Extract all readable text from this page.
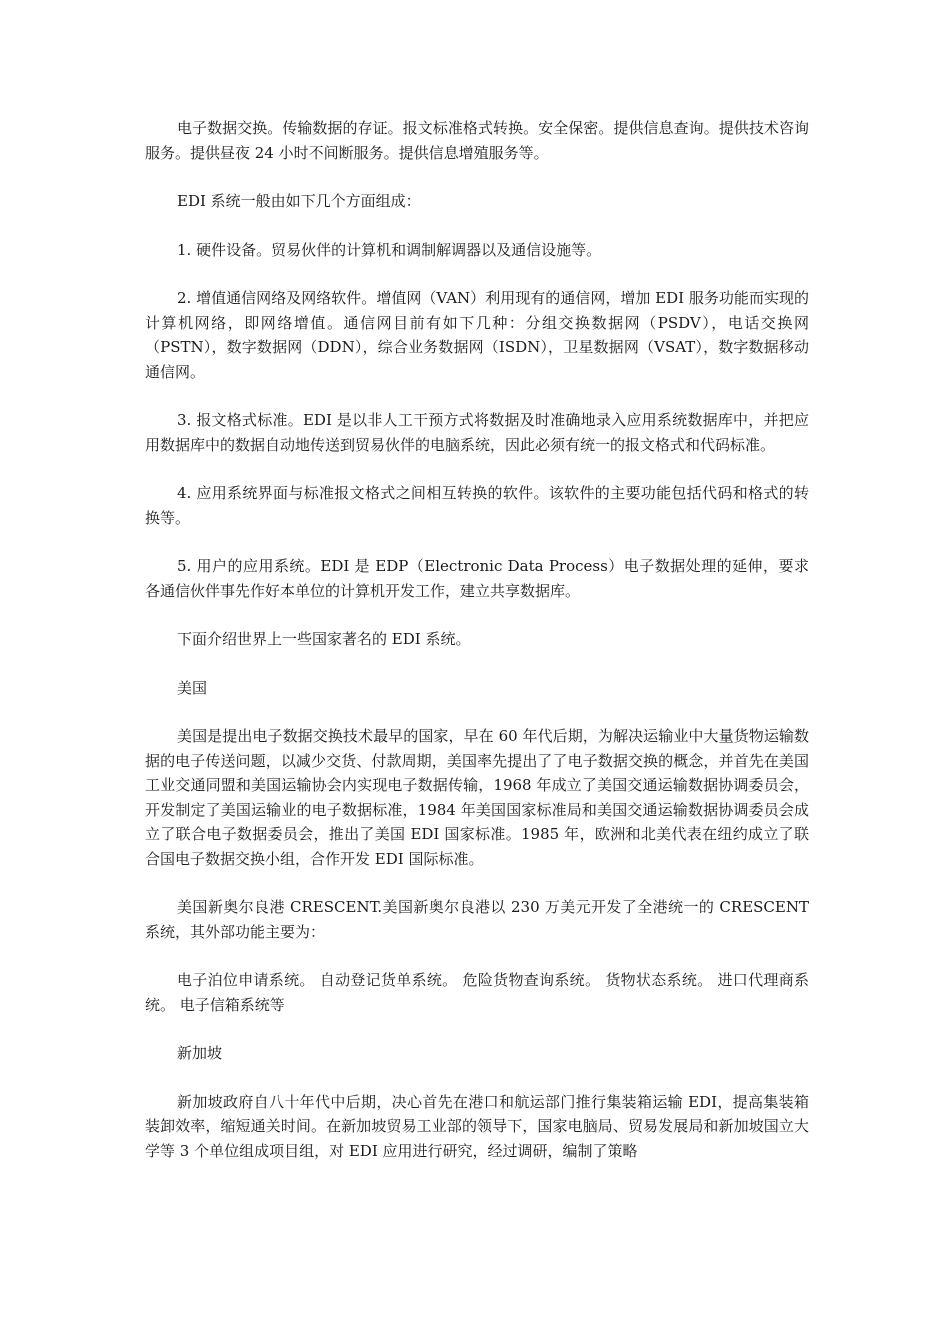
电子数据交换。传输数据的存证。报文标准格式转换。安全保密。提供信息查询。提供技术咨询服务。提供昼夜 24 小时不间断服务。提供信息增殖服务等。

EDI 系统一般由如下几个方面组成：

1. 硬件设备。贸易伙伴的计算机和调制解调器以及通信设施等。

2. 增值通信网络及网络软件。增值网（VAN）利用现有的通信网，增加 EDI 服务功能而实现的计算机网络，即网络增值。通信网目前有如下几种：分组交换数据网（PSDV），电话交换网（PSTN），数字数据网（DDN），综合业务数据网（ISDN），卫星数据网（VSAT），数字数据移动通信网。

3. 报文格式标准。EDI 是以非人工干预方式将数据及时准确地录入应用系统数据库中，并把应用数据库中的数据自动地传送到贸易伙伴的电脑系统，因此必须有统一的报文格式和代码标准。

4. 应用系统界面与标准报文格式之间相互转换的软件。该软件的主要功能包括代码和格式的转换等。

5. 用户的应用系统。EDI 是 EDP（Electronic Data Process）电子数据处理的延伸，要求各通信伙伴事先作好本单位的计算机开发工作，建立共享数据库。

下面介绍世界上一些国家著名的 EDI 系统。

美国

美国是提出电子数据交换技术最早的国家，早在 60 年代后期，为解决运输业中大量货物运输数据的电子传送问题，以减少交货、付款周期，美国率先提出了了电子数据交换的概念，并首先在美国工业交通同盟和美国运输协会内实现电子数据传输，1968 年成立了美国交通运输数据协调委员会，开发制定了美国运输业的电子数据标准，1984 年美国国家标准局和美国交通运输数据协调委员会成立了联合电子数据委员会，推出了美国 EDI 国家标准。1985 年，欧洲和北美代表在纽约成立了联合国电子数据交换小组，合作开发 EDI 国际标准。

美国新奥尔良港 CRESCENT.美国新奥尔良港以 230 万美元开发了全港统一的 CRESCENT 系统，其外部功能主要为：

电子泊位申请系统。 自动登记货单系统。 危险货物查询系统。 货物状态系统。 进口代理商系统。 电子信箱系统等

新加坡

新加坡政府自八十年代中后期，决心首先在港口和航运部门推行集装箱运输 EDI，提高集装箱装卸效率，缩短通关时间。在新加坡贸易工业部的领导下，国家电脑局、贸易发展局和新加坡国立大学等 3 个单位组成项目组，对 EDI 应用进行研究，经过调研，编制了策略
